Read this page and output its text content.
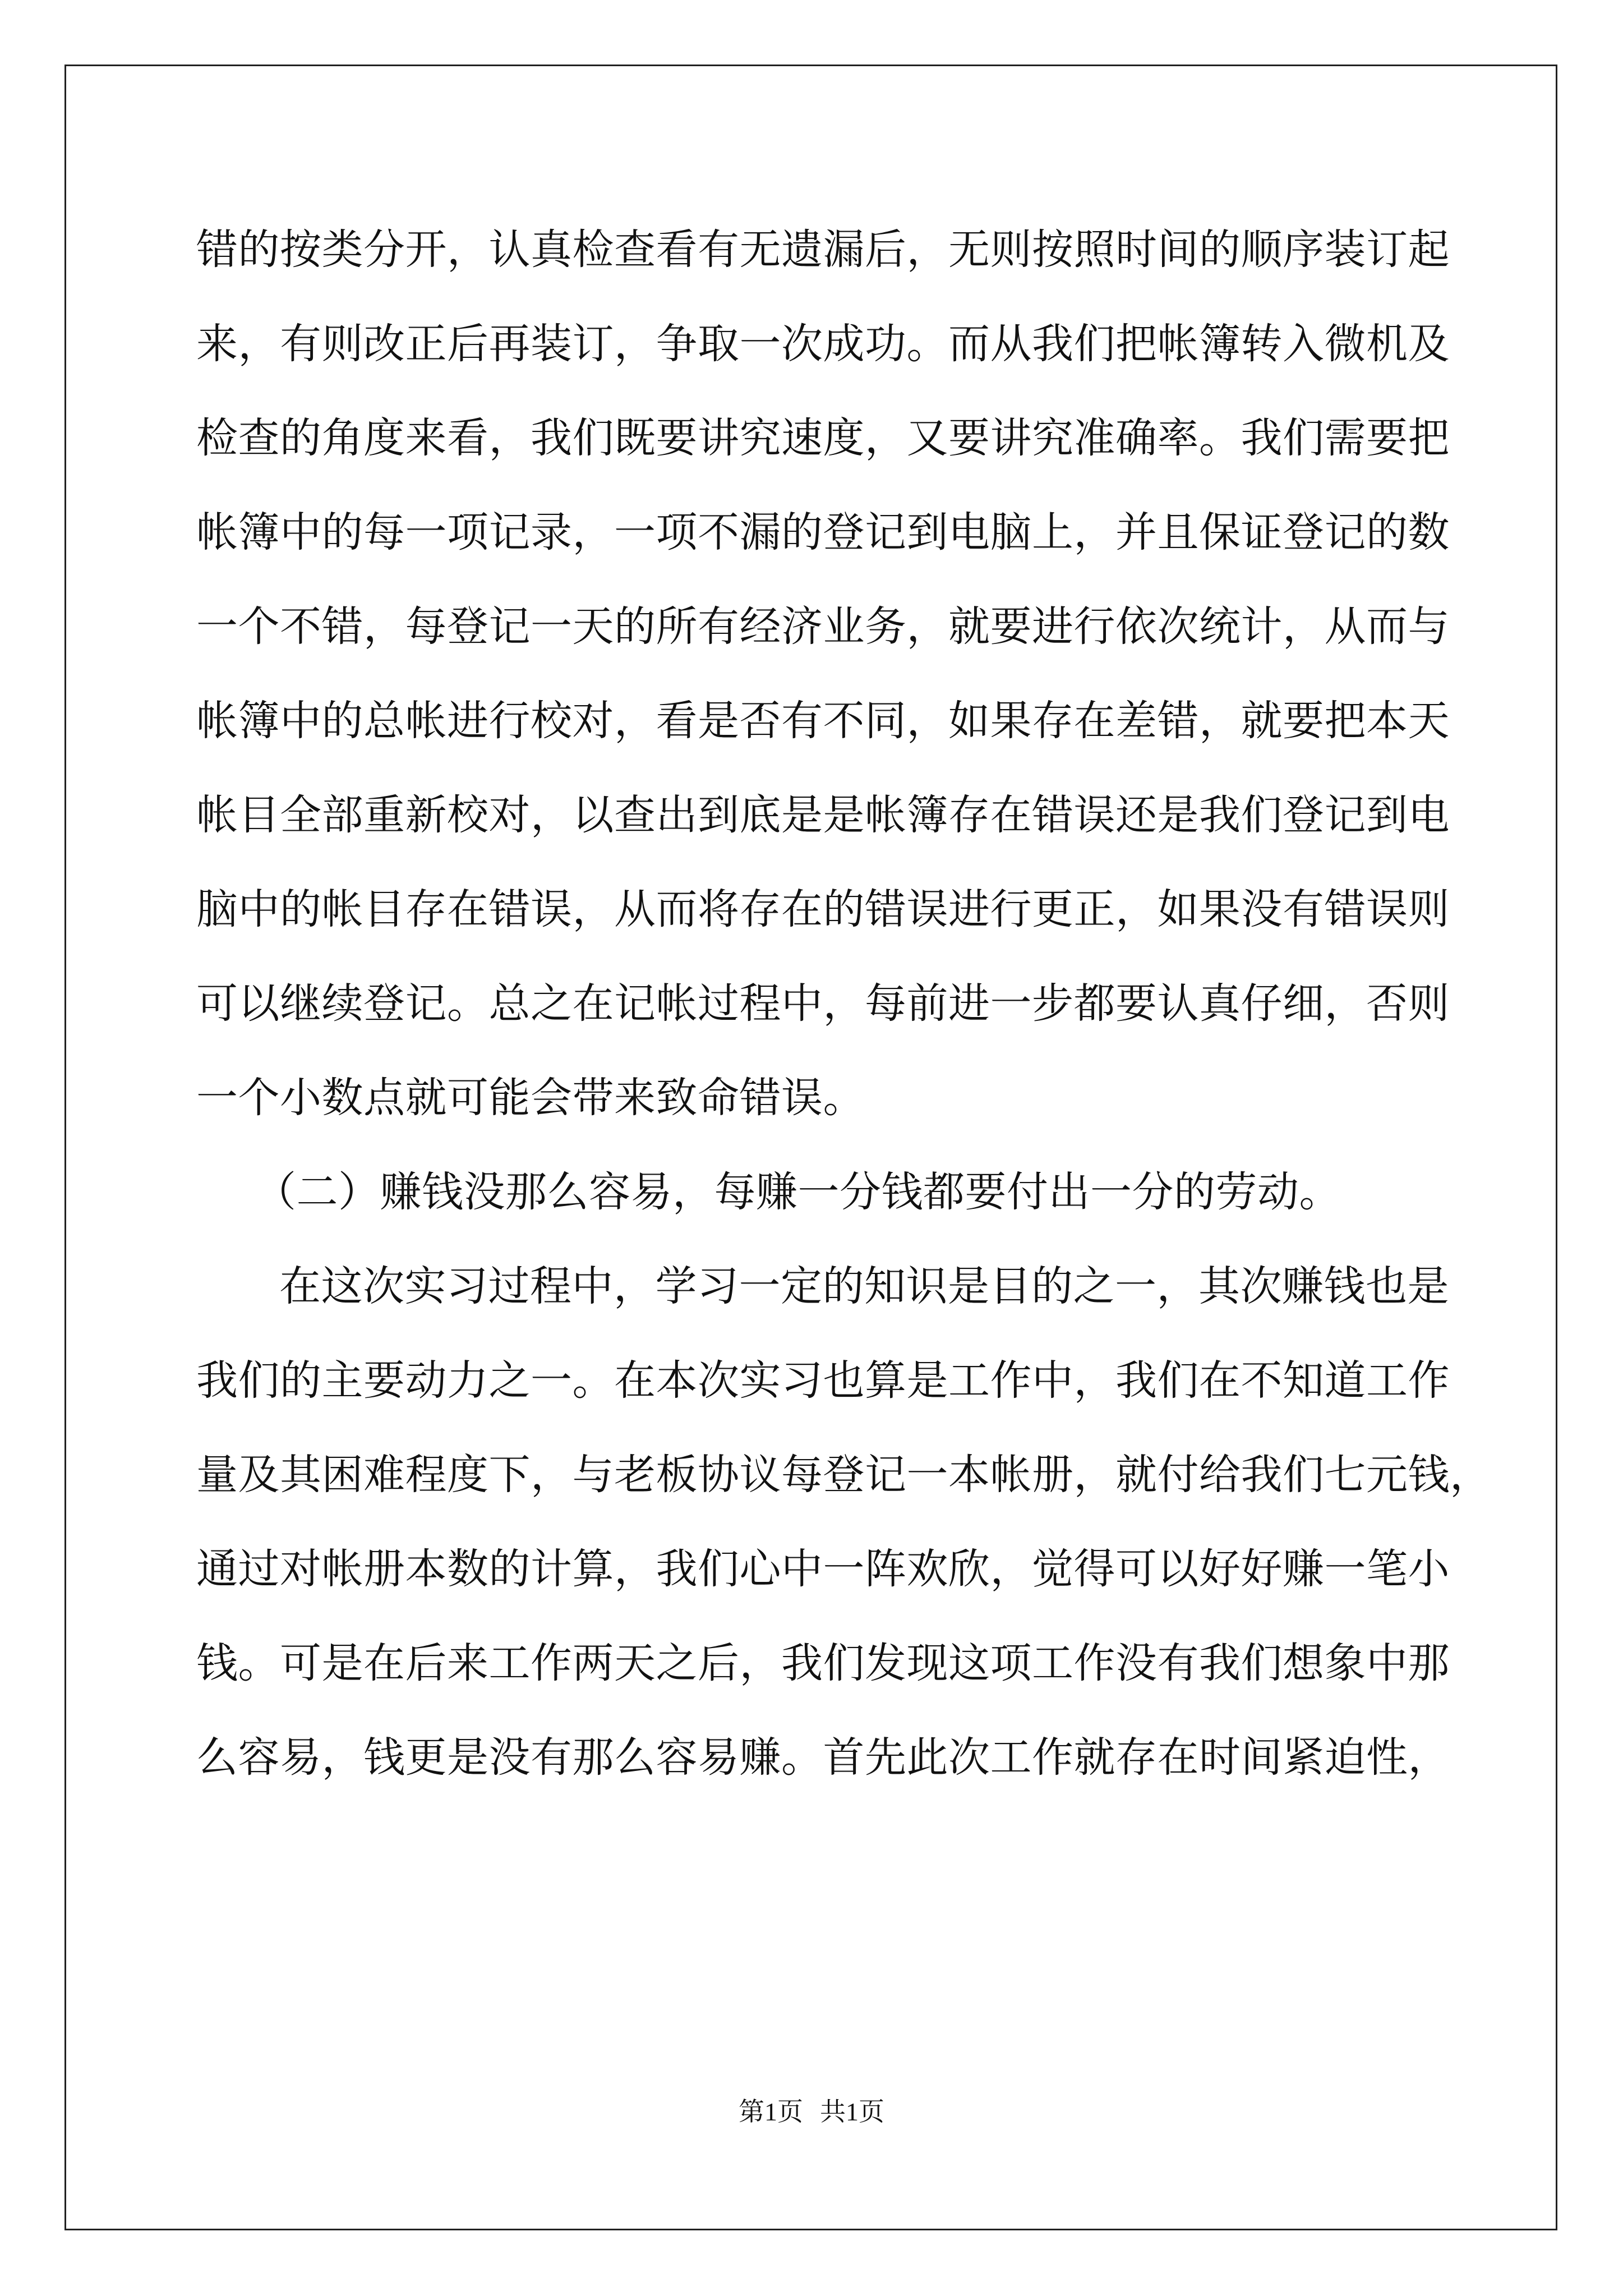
错的按类分开，认真检查看有无遗漏后，无则按照时间的顺序装订起
来，有则改正后再装订，争取一次成功。而从我们把帐簿转入微机及
检查的角度来看，我们既要讲究速度，又要讲究准确率。我们需要把
帐簿中的每一项记录，一项不漏的登记到电脑上，并且保证登记的数
一个不错，每登记一天的所有经济业务，就要进行依次统计，从而与
帐簿中的总帐进行校对，看是否有不同，如果存在差错，就要把本天
帐目全部重新校对，以查出到底是是帐簿存在错误还是我们登记到电
脑中的帐目存在错误，从而将存在的错误进行更正，如果没有错误则
可以继续登记。总之在记帐过程中，每前进一步都要认真仔细，否则
一个小数点就可能会带来致命错误。
（二）赚钱没那么容易，每赚一分钱都要付出一分的劳动。
在这次实习过程中，学习一定的知识是目的之一，其次赚钱也是
我们的主要动力之一。在本次实习也算是工作中，我们在不知道工作
量及其困难程度下，与老板协议每登记一本帐册，就付给我们七元钱，
通过对帐册本数的计算，我们心中一阵欢欣，觉得可以好好赚一笔小
钱。可是在后来工作两天之后，我们发现这项工作没有我们想象中那
么容易，钱更是没有那么容易赚。首先此次工作就存在时间紧迫性，
第1页 共1页
